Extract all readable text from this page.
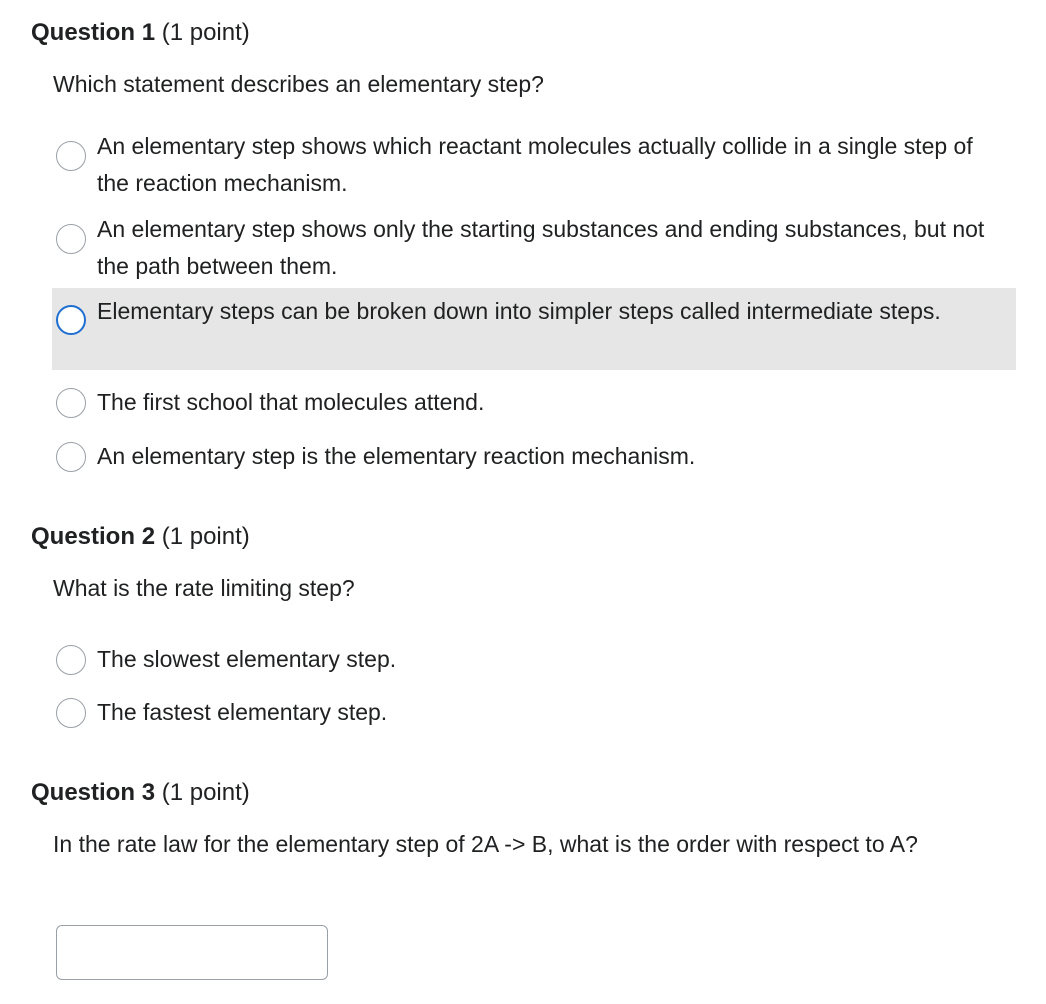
Question 1 (1 point)
Which statement describes an elementary step?
An elementary step shows which reactant molecules actually collide in a single step of the reaction mechanism.
An elementary step shows only the starting substances and ending substances, but not the path between them.
Elementary steps can be broken down into simpler steps called intermediate steps.
The first school that molecules attend.
An elementary step is the elementary reaction mechanism.
Question 2 (1 point)
What is the rate limiting step?
The slowest elementary step.
The fastest elementary step.
Question 3 (1 point)
In the rate law for the elementary step of 2A -> B, what is the order with respect to A?
